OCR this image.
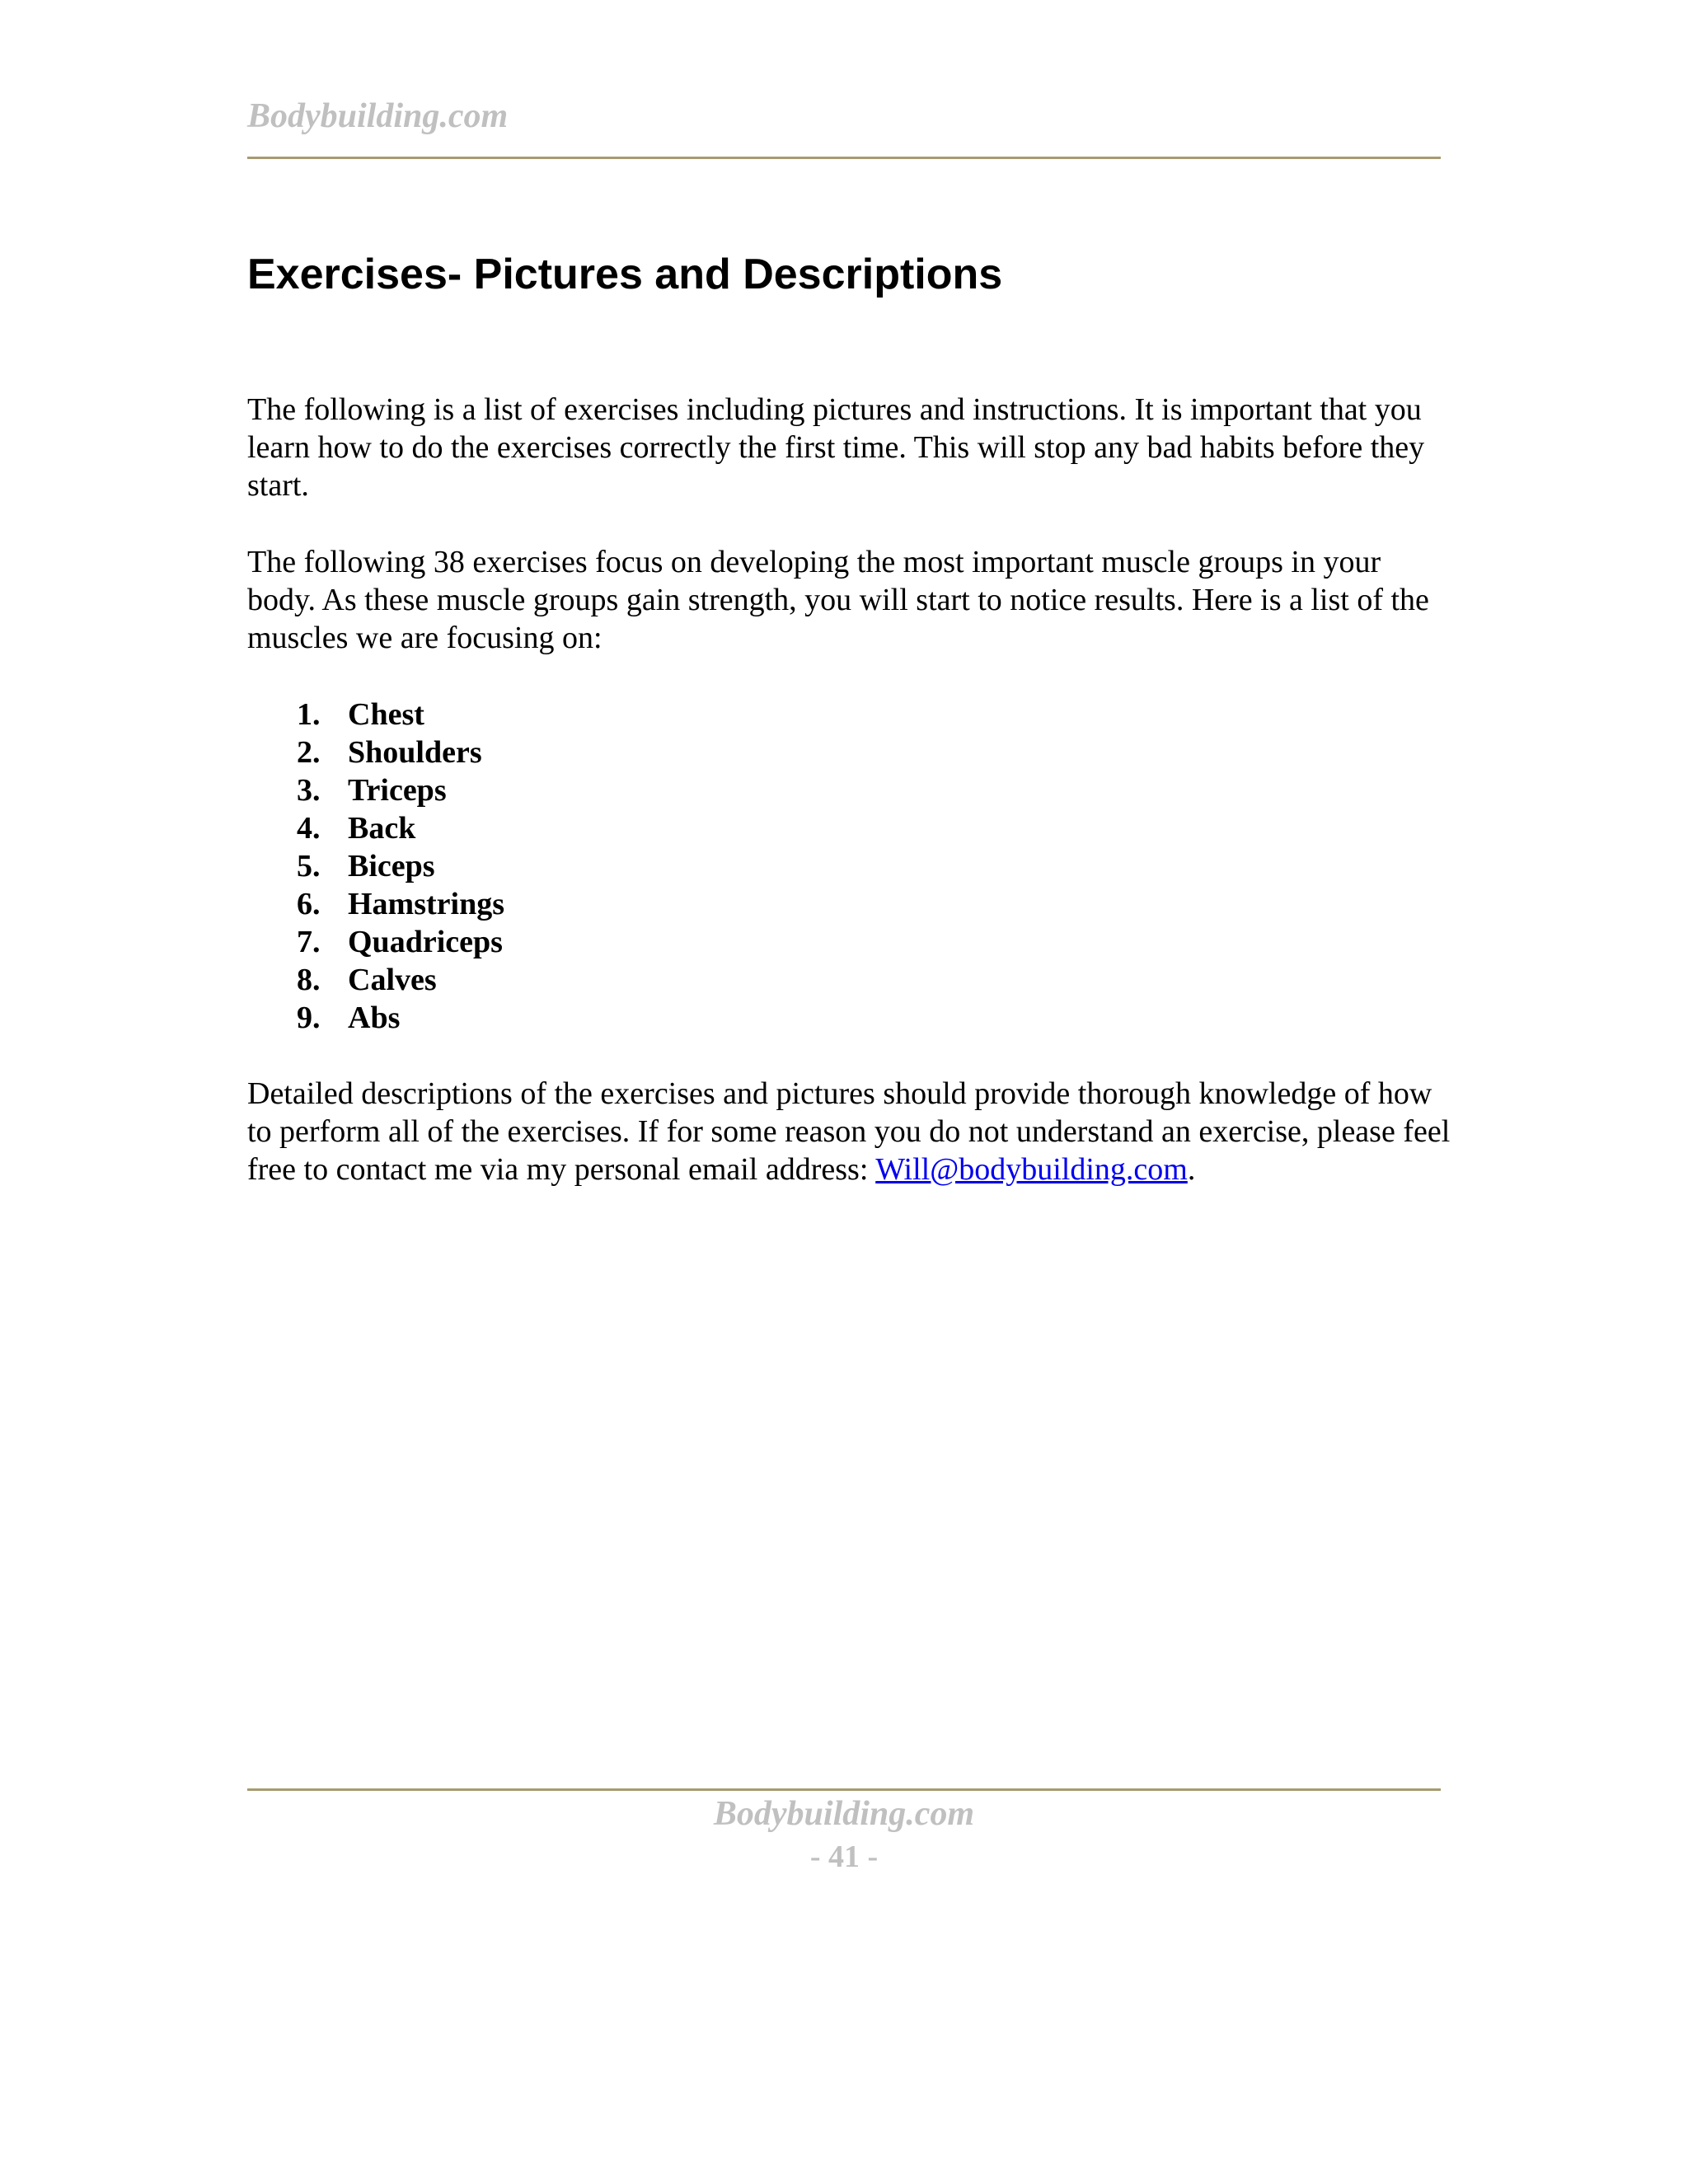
Bodybuilding.com
Exercises- Pictures and Descriptions

The following is a list of exercises including pictures and instructions. It is important that you learn how to do the exercises correctly the first time. This will stop any bad habits before they start.

The following 38 exercises focus on developing the most important muscle groups in your body. As these muscle groups gain strength, you will start to notice results. Here is a list of the muscles we are focusing on:

1. Chest
2. Shoulders
3. Triceps
4. Back
5. Biceps
6. Hamstrings
7. Quadriceps
8. Calves
9. Abs

Detailed descriptions of the exercises and pictures should provide thorough knowledge of how to perform all of the exercises. If for some reason you do not understand an exercise, please feel free to contact me via my personal email address: Will@bodybuilding.com.

Bodybuilding.com
- 41 -
